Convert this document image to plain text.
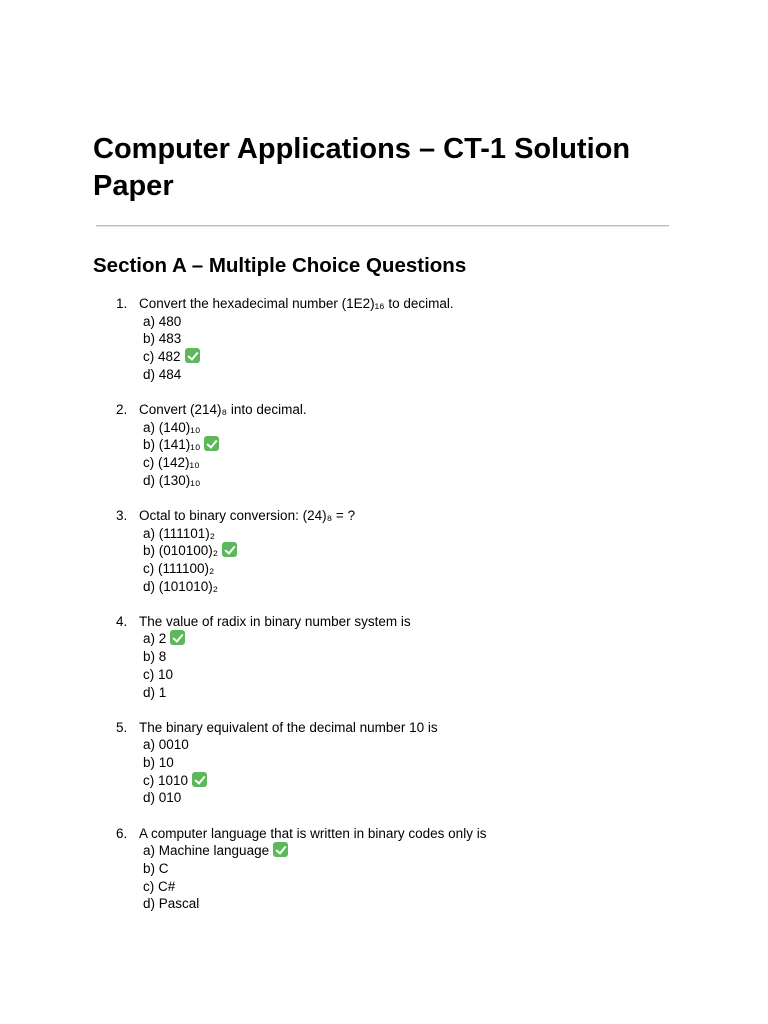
Computer Applications – CT-1 Solution Paper
Section A – Multiple Choice Questions
1. Convert the hexadecimal number (1E2)₁₆ to decimal.
a) 480
b) 483
c) 482
d) 484
2. Convert (214)₈ into decimal.
a) (140)₁₀
b) (141)₁₀
c) (142)₁₀
d) (130)₁₀
3. Octal to binary conversion: (24)₈ = ?
a) (111101)₂
b) (010100)₂
c) (111100)₂
d) (101010)₂
4. The value of radix in binary number system is
a) 2
b) 8
c) 10
d) 1
5. The binary equivalent of the decimal number 10 is
a) 0010
b) 10
c) 1010
d) 010
6. A computer language that is written in binary codes only is
a) Machine language
b) C
c) C#
d) Pascal
